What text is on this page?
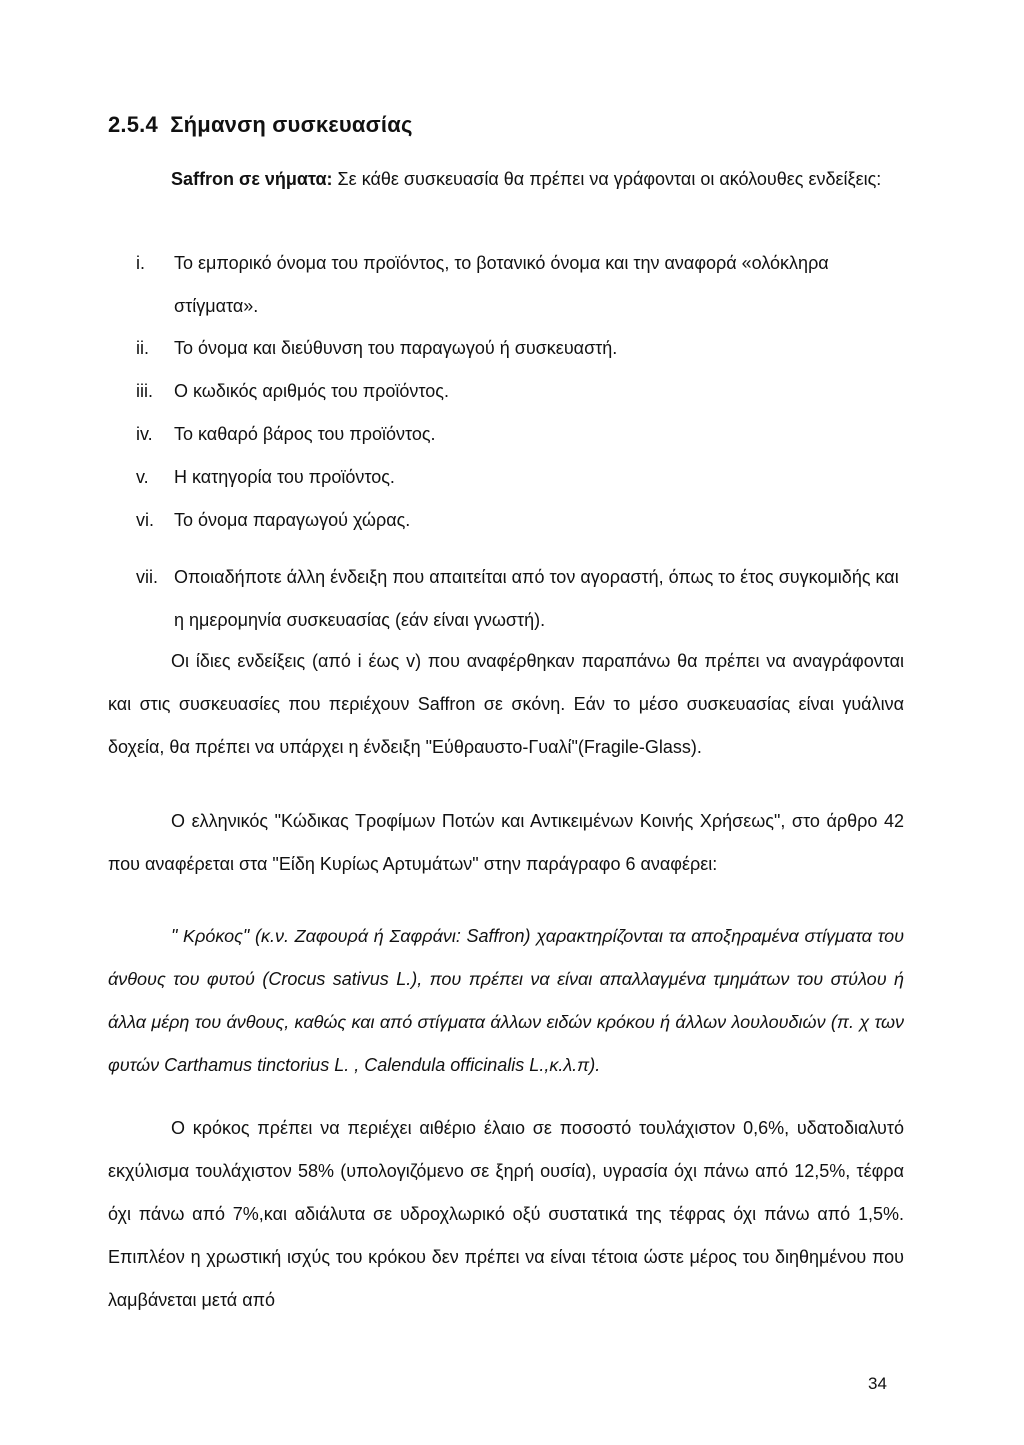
2.5.4 Σήμανση συσκευασίας
Saffron σε νήματα: Σε κάθε συσκευασία θα πρέπει να γράφονται οι ακόλουθες ενδείξεις:
i.	Το εμπορικό όνομα του προϊόντος, το βοτανικό όνομα και την αναφορά «ολόκληρα στίγματα».
ii.	Το όνομα και διεύθυνση του παραγωγού ή συσκευαστή.
iii.	Ο κωδικός αριθμός του προϊόντος.
iv.	Το καθαρό βάρος του προϊόντος.
v.	Η κατηγορία του προϊόντος.
vi.	Το όνομα παραγωγού χώρας.
vii. Οποιαδήποτε άλλη ένδειξη που απαιτείται από τον αγοραστή, όπως το έτος συγκομιδής και η ημερομηνία συσκευασίας (εάν είναι γνωστή).
Οι ίδιες ενδείξεις (από i έως v) που αναφέρθηκαν παραπάνω θα πρέπει να αναγράφονται και στις συσκευασίες που περιέχουν Saffron σε σκόνη. Εάν το μέσο συσκευασίας είναι γυάλινα δοχεία, θα πρέπει να υπάρχει η ένδειξη "Εύθραυστο-Γυαλί"(Fragile-Glass).
Ο ελληνικός "Κώδικας Τροφίμων Ποτών και Αντικειμένων Κοινής Χρήσεως", στο άρθρο 42 που αναφέρεται στα "Είδη Κυρίως Αρτυμάτων" στην παράγραφο 6 αναφέρει:
" Κρόκος" (κ.ν. Ζαφουρά ή Σαφράνι: Saffron) χαρακτηρίζονται τα αποξηραμένα στίγματα του άνθους του φυτού (Crocus sativus L.), που πρέπει να είναι απαλλαγμένα τμημάτων του στύλου ή άλλα μέρη του άνθους, καθώς και από στίγματα άλλων ειδών κρόκου ή άλλων λουλουδιών (π. χ των φυτών Carthamus tinctorius L. , Calendula officinalis L.,κ.λ.π).
Ο κρόκος πρέπει να περιέχει αιθέριο έλαιο σε ποσοστό τουλάχιστον 0,6%, υδατοδιαλυτό εκχύλισμα τουλάχιστον 58% (υπολογιζόμενο σε ξηρή ουσία), υγρασία όχι πάνω από 12,5%, τέφρα όχι πάνω από 7%,και αδιάλυτα σε υδροχλωρικό οξύ συστατικά της τέφρας όχι πάνω από 1,5%. Επιπλέον η χρωστική ισχύς του κρόκου δεν πρέπει να είναι τέτοια ώστε μέρος του διηθημένου που λαμβάνεται μετά από
34
